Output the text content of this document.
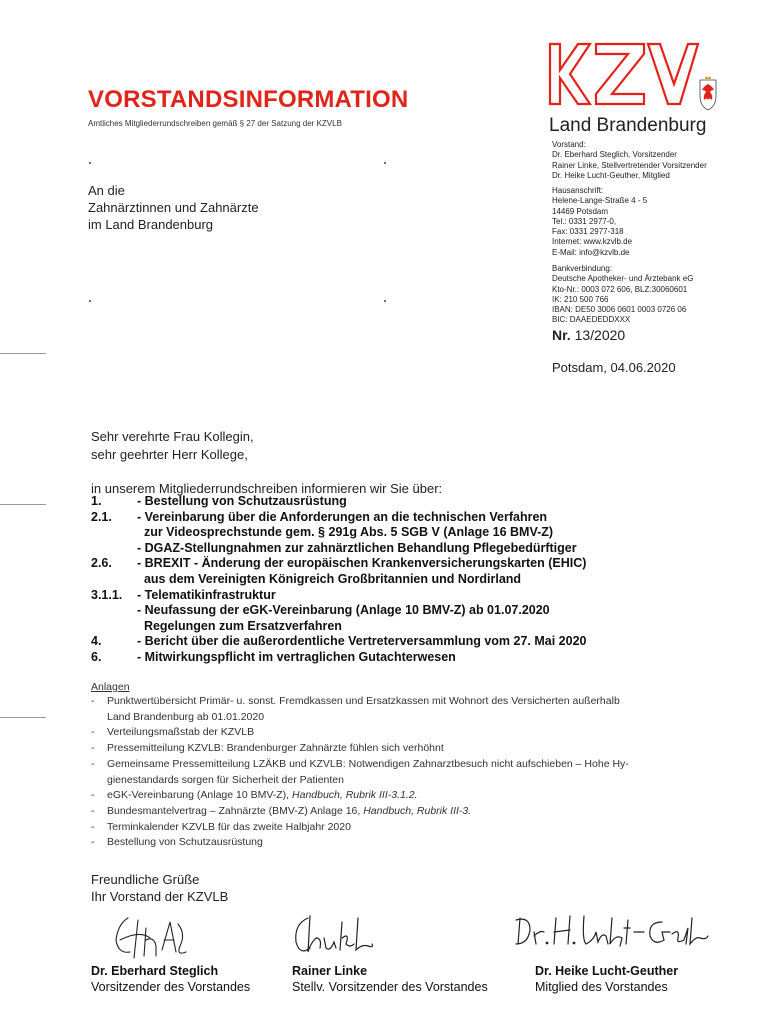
VORSTANDSINFORMATION
Amtliches Mitgliederrundschreiben gemäß § 27 der Satzung der KZVLB
An die
Zahnärztinnen und Zahnärzte
im Land Brandenburg
Land Brandenburg
Vorstand:
Dr. Eberhard Steglich, Vorsitzender
Rainer Linke, Stellvertretender Vorsitzender
Dr. Heike Lucht-Geuther, Mitglied
Hausanschrift:
Helene-Lange-Straße 4 - 5
14469 Potsdam
Tel.: 0331 2977-0,
Fax: 0331 2977-318
Internet: www.kzvlb.de
E-Mail: info@kzvlb.de
Bankverbindung:
Deutsche Apotheker- und Ärztebank eG
Kto-Nr.: 0003 072 606, BLZ:30060601
IK: 210 500 766
IBAN: DE50 3006 0601 0003 0726 06
BIC: DAAEDEDDXXX
Nr. 13/2020
Potsdam, 04.06.2020
Sehr verehrte Frau Kollegin,
sehr geehrter Herr Kollege,
in unserem Mitgliederrundschreiben informieren wir Sie über:
1.	- Bestellung von Schutzausrüstung
2.1.	- Vereinbarung über die Anforderungen an die technischen Verfahren
zur Videosprechstunde gem. § 291g Abs. 5 SGB V (Anlage 16 BMV-Z)
- DGAZ-Stellungnahmen zur zahnärztlichen Behandlung Pflegebedürftiger
2.6.	- BREXIT - Änderung der europäischen Krankenversicherungskarten (EHIC)
aus dem Vereinigten Königreich Großbritannien und Nordirland
3.1.1.	- Telematikinfrastruktur
- Neufassung der eGK-Vereinbarung (Anlage 10 BMV-Z) ab 01.07.2020
Regelungen zum Ersatzverfahren
4.	- Bericht über die außerordentliche Vertreterversammlung vom 27. Mai 2020
6.	- Mitwirkungspflicht im vertraglichen Gutachterwesen
Anlagen
-	Punktwertübersicht Primär- u. sonst. Fremdkassen und Ersatzkassen mit Wohnort des Versicherten außerhalb
Land Brandenburg ab 01.01.2020
-	Verteilungsmaßstab der KZVLB
-	Pressemitteilung KZVLB: Brandenburger Zahnärzte fühlen sich verhöhnt
-	Gemeinsame Pressemitteilung LZÄKB und KZVLB: Notwendigen Zahnarztbesuch nicht aufschieben – Hohe Hy-
gienestandards sorgen für Sicherheit der Patienten
-	eGK-Vereinbarung (Anlage 10 BMV-Z), Handbuch, Rubrik III-3.1.2.
-	Bundesmantelvertrag – Zahnärzte (BMV-Z) Anlage 16, Handbuch, Rubrik III-3.
-	Terminkalender KZVLB für das zweite Halbjahr 2020
-	Bestellung von Schutzausrüstung
Freundliche Grüße
Ihr Vorstand der KZVLB
Dr. Eberhard Steglich
Vorsitzender des Vorstandes
Rainer Linke
Stellv. Vorsitzender des Vorstandes
Dr. Heike Lucht-Geuther
Mitglied des Vorstandes
